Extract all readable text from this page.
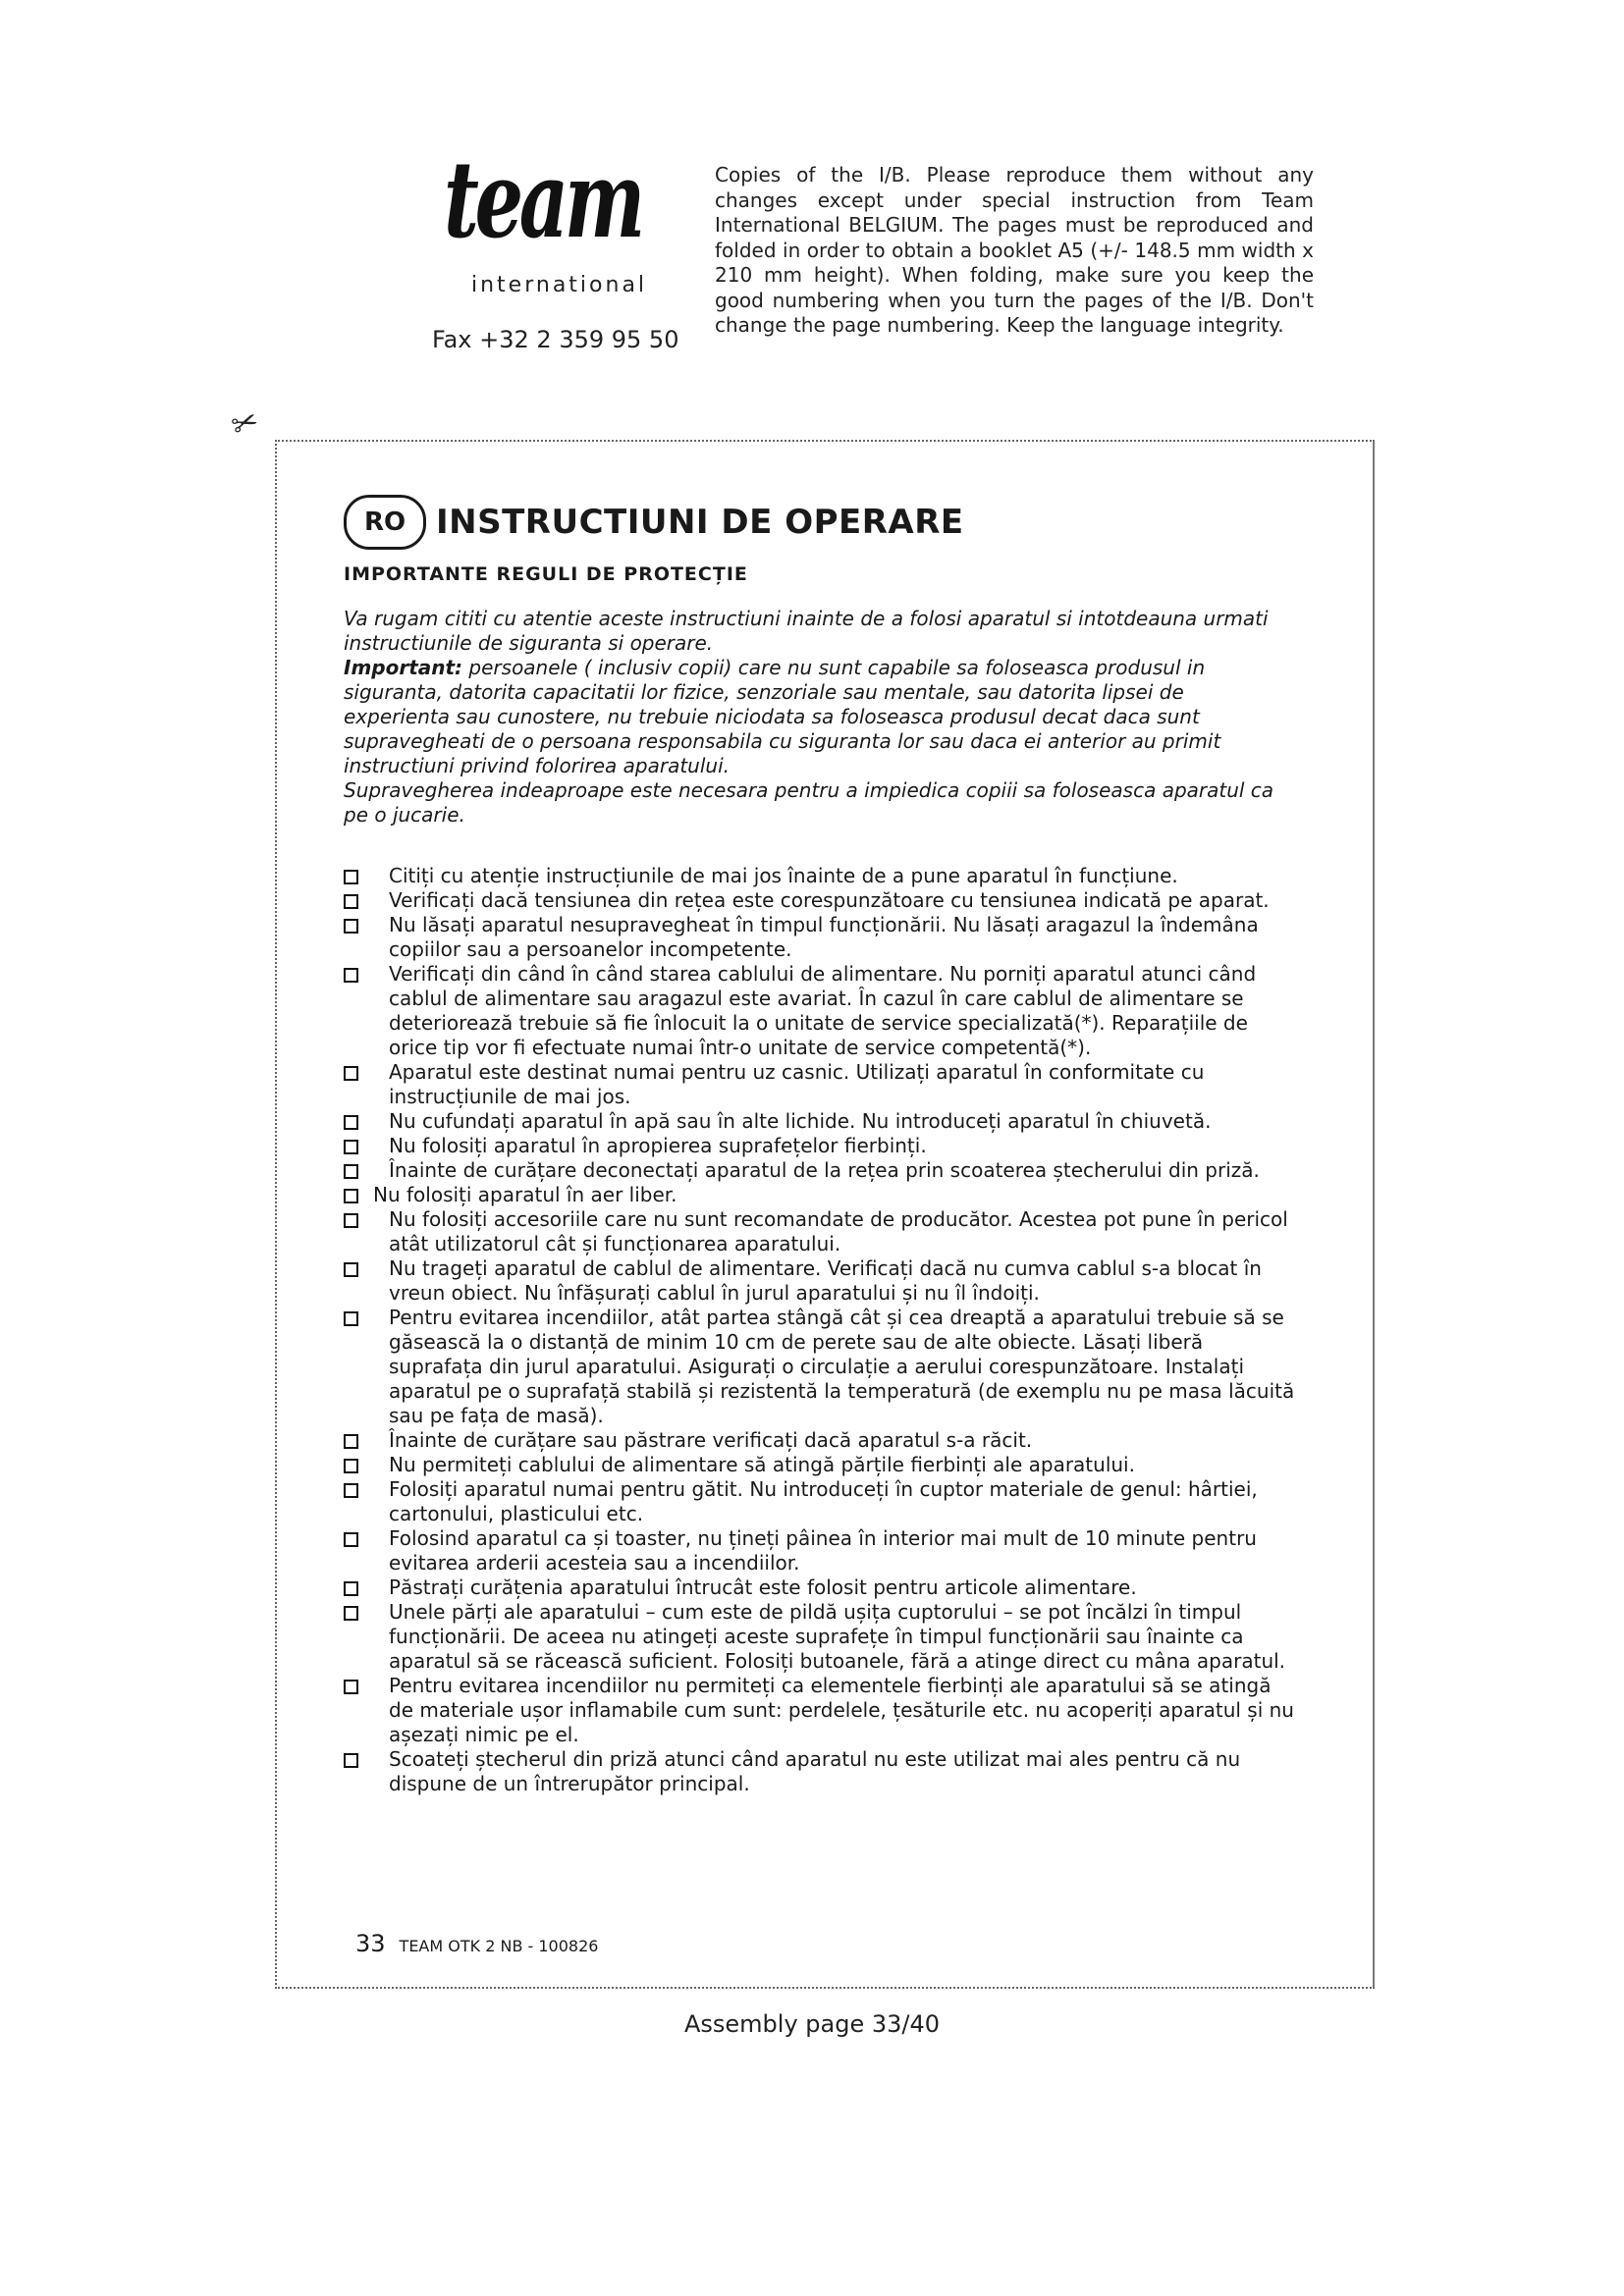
team
international
Fax +32 2 359 95 50
Copies of the I/B. Please reproduce them without any changes except under special instruction from Team International BELGIUM. The pages must be reproduced and folded in order to obtain a booklet A5 (+/- 148.5 mm width x 210 mm height). When folding, make sure you keep the good numbering when you turn the pages of the I/B. Don't change the page numbering. Keep the language integrity.
✂
RO INSTRUCTIUNI DE OPERARE
IMPORTANTE REGULI DE PROTECȚIE

Va rugam cititi cu atentie aceste instructiuni inainte de a folosi aparatul si intotdeauna urmati instructiunile de siguranta si operare.

Important: persoanele ( inclusiv copii) care nu sunt capabile sa foloseasca produsul in siguranta, datorita capacitatii lor fizice, senzoriale sau mentale, sau datorita lipsei de experienta sau cunostere, nu trebuie niciodata sa foloseasca produsul decat daca sunt supravegheati de o persoana responsabila cu siguranta lor sau daca ei anterior au primit instructiuni privind folorirea aparatului.

Supravegherea indeaproape este necesara pentru a impiedica copiii sa foloseasca aparatul ca pe o jucarie.

Citiți cu atenție instrucțiunile de mai jos înainte de a pune aparatul în funcțiune.
Verificați dacă tensiunea din rețea este corespunzătoare cu tensiunea indicată pe aparat.
Nu lăsați aparatul nesupravegheat în timpul funcționării. Nu lăsați aragazul la îndemâna copiilor sau a persoanelor incompetente.
Verificați din când în când starea cablului de alimentare. Nu porniți aparatul atunci când cablul de alimentare sau aragazul este avariat. În cazul în care cablul de alimentare se deteriorează trebuie să fie înlocuit la o unitate de service specializată(*). Reparațiile de orice tip vor fi efectuate numai într-o unitate de service competentă(*).
Aparatul este destinat numai pentru uz casnic. Utilizați aparatul în conformitate cu instrucțiunile de mai jos.
Nu cufundați aparatul în apă sau în alte lichide. Nu introduceți aparatul în chiuvetă.
Nu folosiți aparatul în apropierea suprafețelor fierbinți.
Înainte de curățare deconectați aparatul de la rețea prin scoaterea ștecherului din priză.
Nu folosiți aparatul în aer liber.
Nu folosiți accesoriile care nu sunt recomandate de producător. Acestea pot pune în pericol atât utilizatorul cât și funcționarea aparatului.
Nu trageți aparatul de cablul de alimentare. Verificați dacă nu cumva cablul s-a blocat în vreun obiect. Nu înfășurați cablul în jurul aparatului și nu îl îndoiți.
Pentru evitarea incendiilor, atât partea stângă cât și cea dreaptă a aparatului trebuie să se găsească la o distanță de minim 10 cm de perete sau de alte obiecte. Lăsați liberă suprafața din jurul aparatului. Asigurați o circulație a aerului corespunzătoare. Instalați aparatul pe o suprafață stabilă și rezistentă la temperatură (de exemplu nu pe masa lăcuită sau pe fața de masă).
Înainte de curățare sau păstrare verificați dacă aparatul s-a răcit.
Nu permiteți cablului de alimentare să atingă părțile fierbinți ale aparatului.
Folosiți aparatul numai pentru gătit. Nu introduceți în cuptor materiale de genul: hârtiei, cartonului, plasticului etc.
Folosind aparatul ca și toaster, nu țineți pâinea în interior mai mult de 10 minute pentru evitarea arderii acesteia sau a incendiilor.
Păstrați curățenia aparatului întrucât este folosit pentru articole alimentare.
Unele părți ale aparatului – cum este de pildă ușița cuptorului – se pot încălzi în timpul funcționării. De aceea nu atingeți aceste suprafețe în timpul funcționării sau înainte ca aparatul să se răcească suficient. Folosiți butoanele, fără a atinge direct cu mâna aparatul.
Pentru evitarea incendiilor nu permiteți ca elementele fierbinți ale aparatului să se atingă de materiale ușor inflamabile cum sunt: perdelele, țesăturile etc. nu acoperiți aparatul și nu așezați nimic pe el.
Scoateți ștecherul din priză atunci când aparatul nu este utilizat mai ales pentru că nu dispune de un întrerupător principal.
33 TEAM OTK 2 NB - 100826
Assembly page 33/40
